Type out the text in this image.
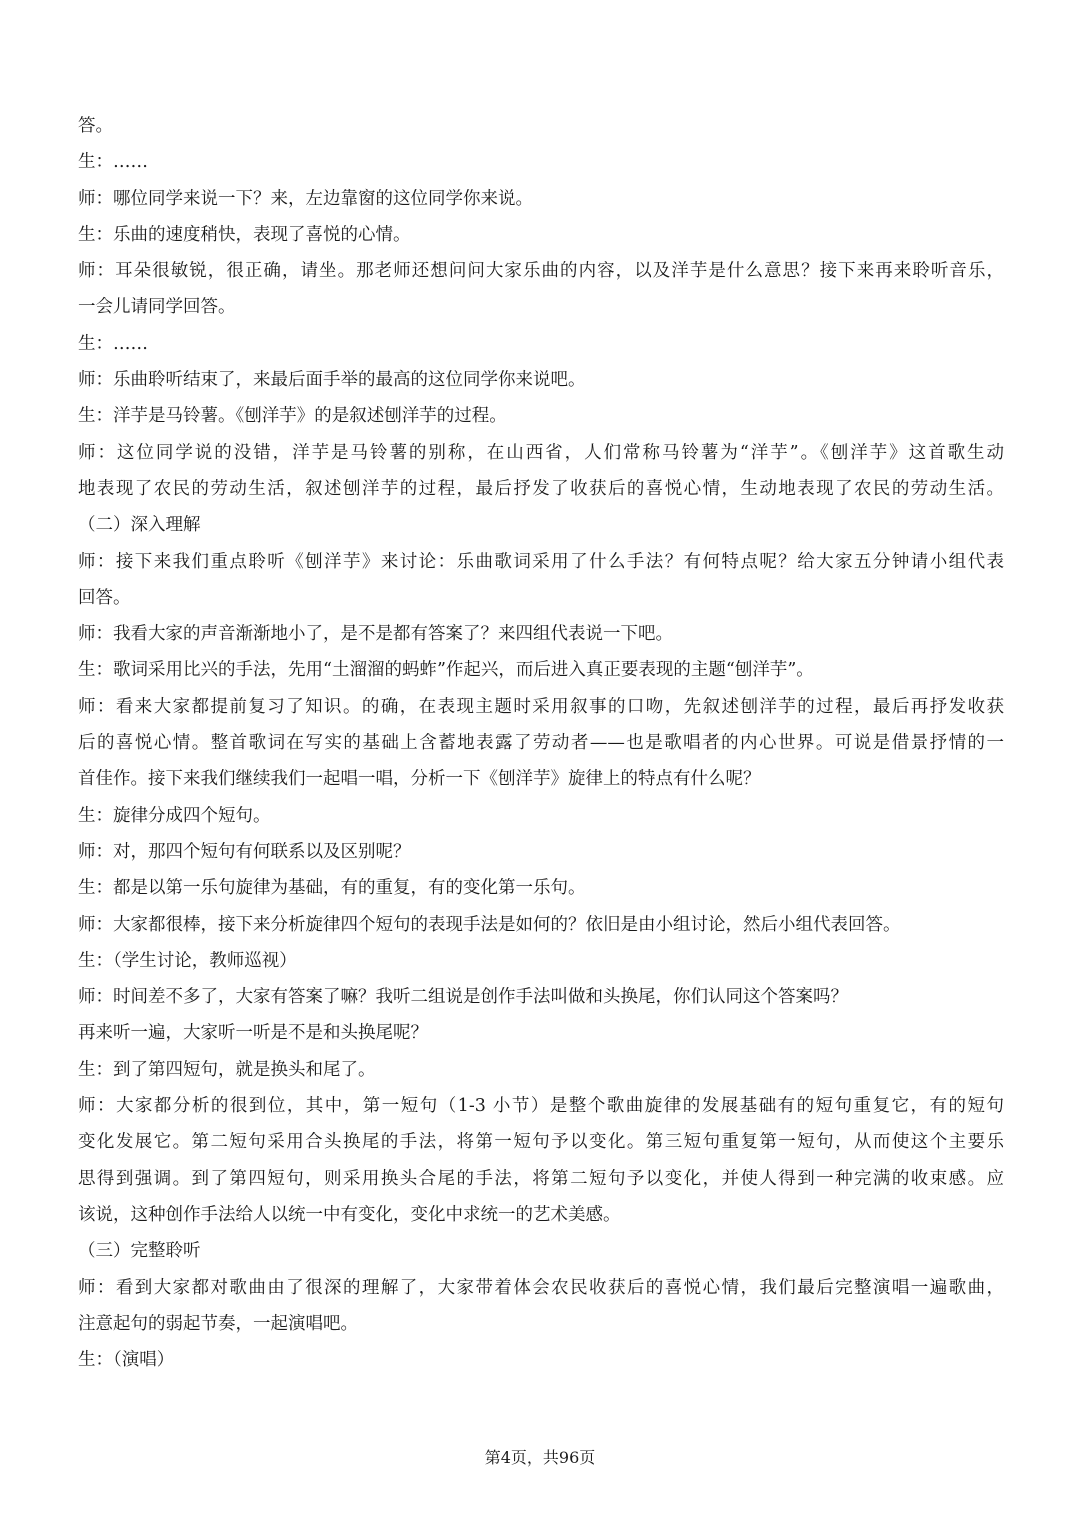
答。
生：……
师：哪位同学来说一下？来，左边靠窗的这位同学你来说。
生：乐曲的速度稍快，表现了喜悦的心情。
师：耳朵很敏锐，很正确，请坐。那老师还想问问大家乐曲的内容，以及洋芋是什么意思？接下来再来聆听音乐，
一会儿请同学回答。
生：……
师：乐曲聆听结束了，来最后面手举的最高的这位同学你来说吧。
生：洋芋是马铃薯。《刨洋芋》的是叙述刨洋芋的过程。
师：这位同学说的没错，洋芋是马铃薯的别称，在山西省，人们常称马铃薯为“洋芋”。《刨洋芋》这首歌生动
地表现了农民的劳动生活，叙述刨洋芋的过程，最后抒发了收获后的喜悦心情，生动地表现了农民的劳动生活。
（二）深入理解
师：接下来我们重点聆听《刨洋芋》来讨论：乐曲歌词采用了什么手法？有何特点呢？给大家五分钟请小组代表
回答。
师：我看大家的声音渐渐地小了，是不是都有答案了？来四组代表说一下吧。
生：歌词采用比兴的手法，先用“土溜溜的蚂蚱”作起兴，而后进入真正要表现的主题“刨洋芋”。
师：看来大家都提前复习了知识。的确，在表现主题时采用叙事的口吻，先叙述刨洋芋的过程，最后再抒发收获
后的喜悦心情。整首歌词在写实的基础上含蓄地表露了劳动者——也是歌唱者的内心世界。可说是借景抒情的一
首佳作。接下来我们继续我们一起唱一唱，分析一下《刨洋芋》旋律上的特点有什么呢？
生：旋律分成四个短句。
师：对，那四个短句有何联系以及区别呢？
生：都是以第一乐句旋律为基础，有的重复，有的变化第一乐句。
师：大家都很棒，接下来分析旋律四个短句的表现手法是如何的？依旧是由小组讨论，然后小组代表回答。
生：（学生讨论，教师巡视）
师：时间差不多了，大家有答案了嘛？我听二组说是创作手法叫做和头换尾，你们认同这个答案吗？
再来听一遍，大家听一听是不是和头换尾呢？
生：到了第四短句，就是换头和尾了。
师：大家都分析的很到位，其中，第一短句（1-3 小节）是整个歌曲旋律的发展基础有的短句重复它，有的短句
变化发展它。第二短句采用合头换尾的手法，将第一短句予以变化。第三短句重复第一短句，从而使这个主要乐
思得到强调。到了第四短句，则采用换头合尾的手法，将第二短句予以变化，并使人得到一种完满的收束感。应
该说，这种创作手法给人以统一中有变化，变化中求统一的艺术美感。
（三）完整聆听
师：看到大家都对歌曲由了很深的理解了，大家带着体会农民收获后的喜悦心情，我们最后完整演唱一遍歌曲，
注意起句的弱起节奏，一起演唱吧。
生：（演唱）
第4页，共96页
